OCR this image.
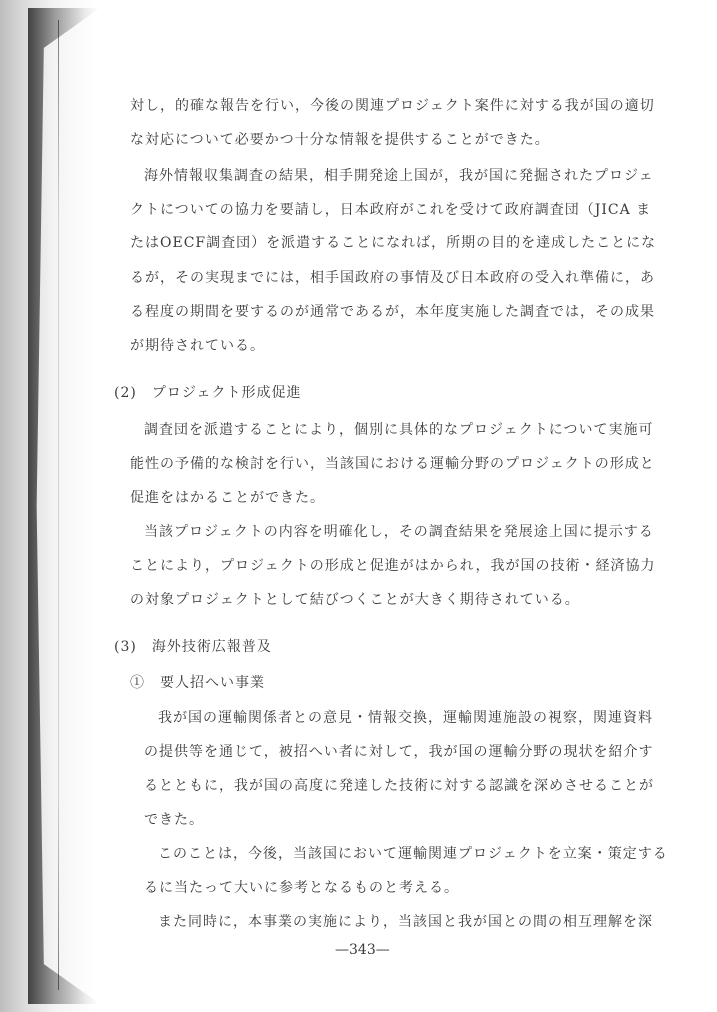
対し，的確な報告を行い，今後の関連プロジェクト案件に対する我が国の適切
な対応について必要かつ十分な情報を提供することができた。
海外情報収集調査の結果，相手開発途上国が，我が国に発掘されたプロジェ
クトについての協力を要請し，日本政府がこれを受けて政府調査団（JICA ま
たはOECF調査団）を派遣することになれば，所期の目的を達成したことにな
るが，その実現までには，相手国政府の事情及び日本政府の受入れ準備に，あ
る程度の期間を要するのが通常であるが，本年度実施した調査では，その成果
が期待されている。
(2)　プロジェクト形成促進
調査団を派遣することにより，個別に具体的なプロジェクトについて実施可
能性の予備的な検討を行い，当該国における運輸分野のプロジェクトの形成と
促進をはかることができた。
当該プロジェクトの内容を明確化し，その調査結果を発展途上国に提示する
ことにより，プロジェクトの形成と促進がはかられ，我が国の技術・経済協力
の対象プロジェクトとして結びつくことが大きく期待されている。
(3)　海外技術広報普及
①　要人招へい事業
我が国の運輸関係者との意見・情報交換，運輸関連施設の視察，関連資料
の提供等を通じて，被招へい者に対して，我が国の運輸分野の現状を紹介す
るとともに，我が国の高度に発達した技術に対する認識を深めさせることが
できた。
このことは，今後，当該国において運輸関連プロジェクトを立案・策定する
るに当たって大いに参考となるものと考える。
また同時に，本事業の実施により，当該国と我が国との間の相互理解を深
—343—
